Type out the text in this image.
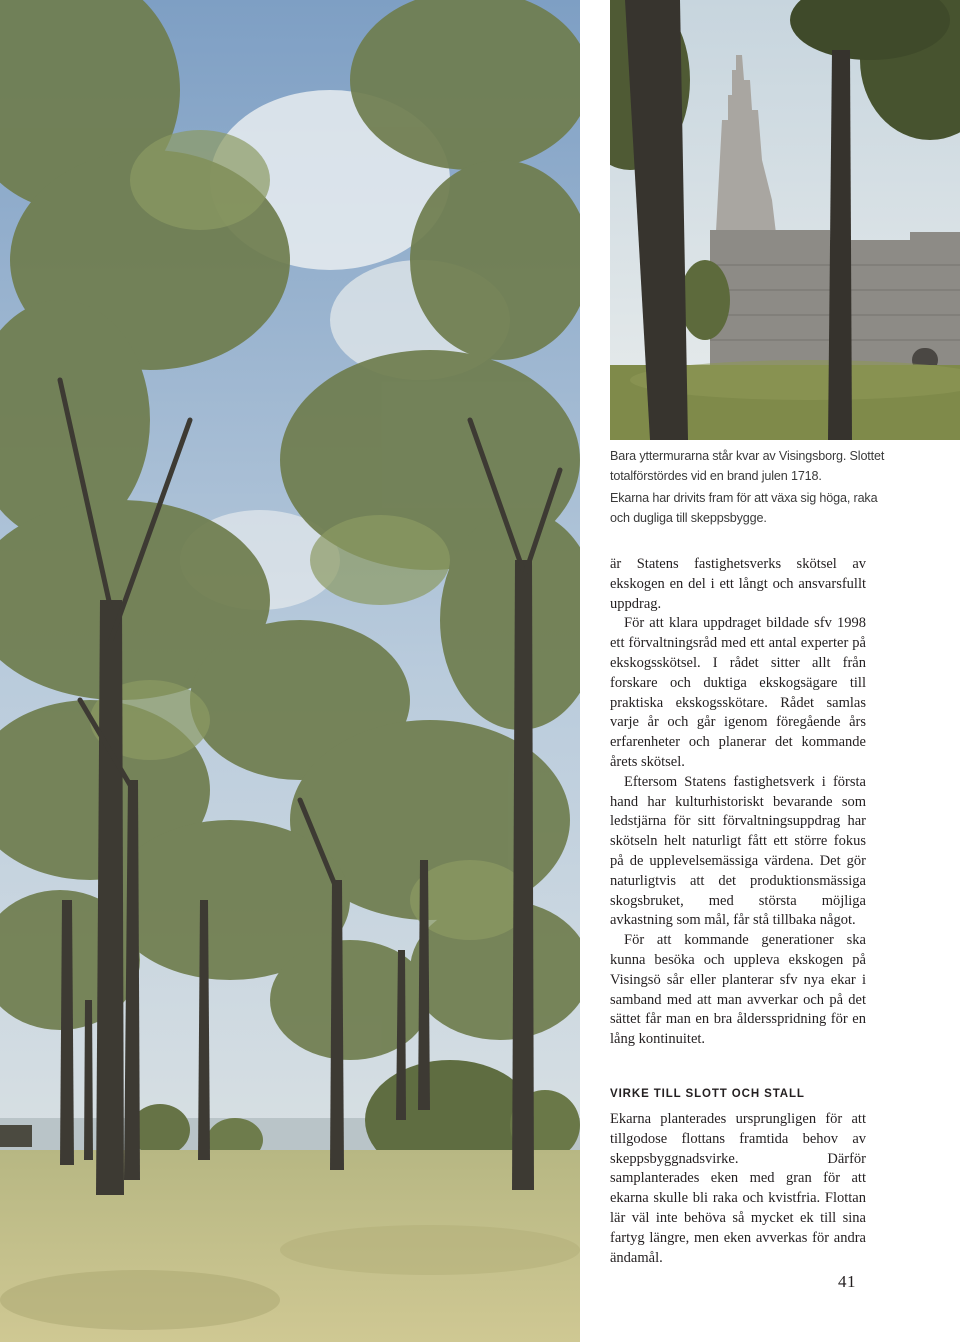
Bara yttermurarna står kvar av Visingsborg. Slottet totalförstördes vid en brand julen 1718.

Ekarna har drivits fram för att växa sig höga, raka och dugliga till skeppsbygge.

är Statens fastighetsverks skötsel av ekskogen en del i ett långt och ansvarsfullt uppdrag.

För att klara uppdraget bildade sfv 1998 ett förvaltningsråd med ett antal experter på ekskogsskötsel. I rådet sitter allt från forskare och duktiga ekskogsägare till praktiska ekskogsskötare. Rådet samlas varje år och går igenom föregående års erfarenheter och planerar det kommande årets skötsel.

Eftersom Statens fastighetsverk i första hand har kulturhistoriskt bevarande som ledstjärna för sitt förvaltningsuppdrag har skötseln helt naturligt fått ett större fokus på de upplevelsemässiga värdena. Det gör naturligtvis att det produktionsmässiga skogsbruket, med största möjliga avkastning som mål, får stå tillbaka något.

För att kommande generationer ska kunna besöka och uppleva ekskogen på Visingsö sår eller planterar sfv nya ekar i samband med att man avverkar och på det sättet får man en bra åldersspridning för en lång kontinuitet.

VIRKE TILL SLOTT OCH STALL

Ekarna planterades ursprungligen för att tillgodose flottans framtida behov av skeppsbyggnadsvirke. Därför samplanterades eken med gran för att ekarna skulle bli raka och kvistfria. Flottan lär väl inte behöva så mycket ek till sina fartyg längre, men eken avverkas för andra ändamål.

41
